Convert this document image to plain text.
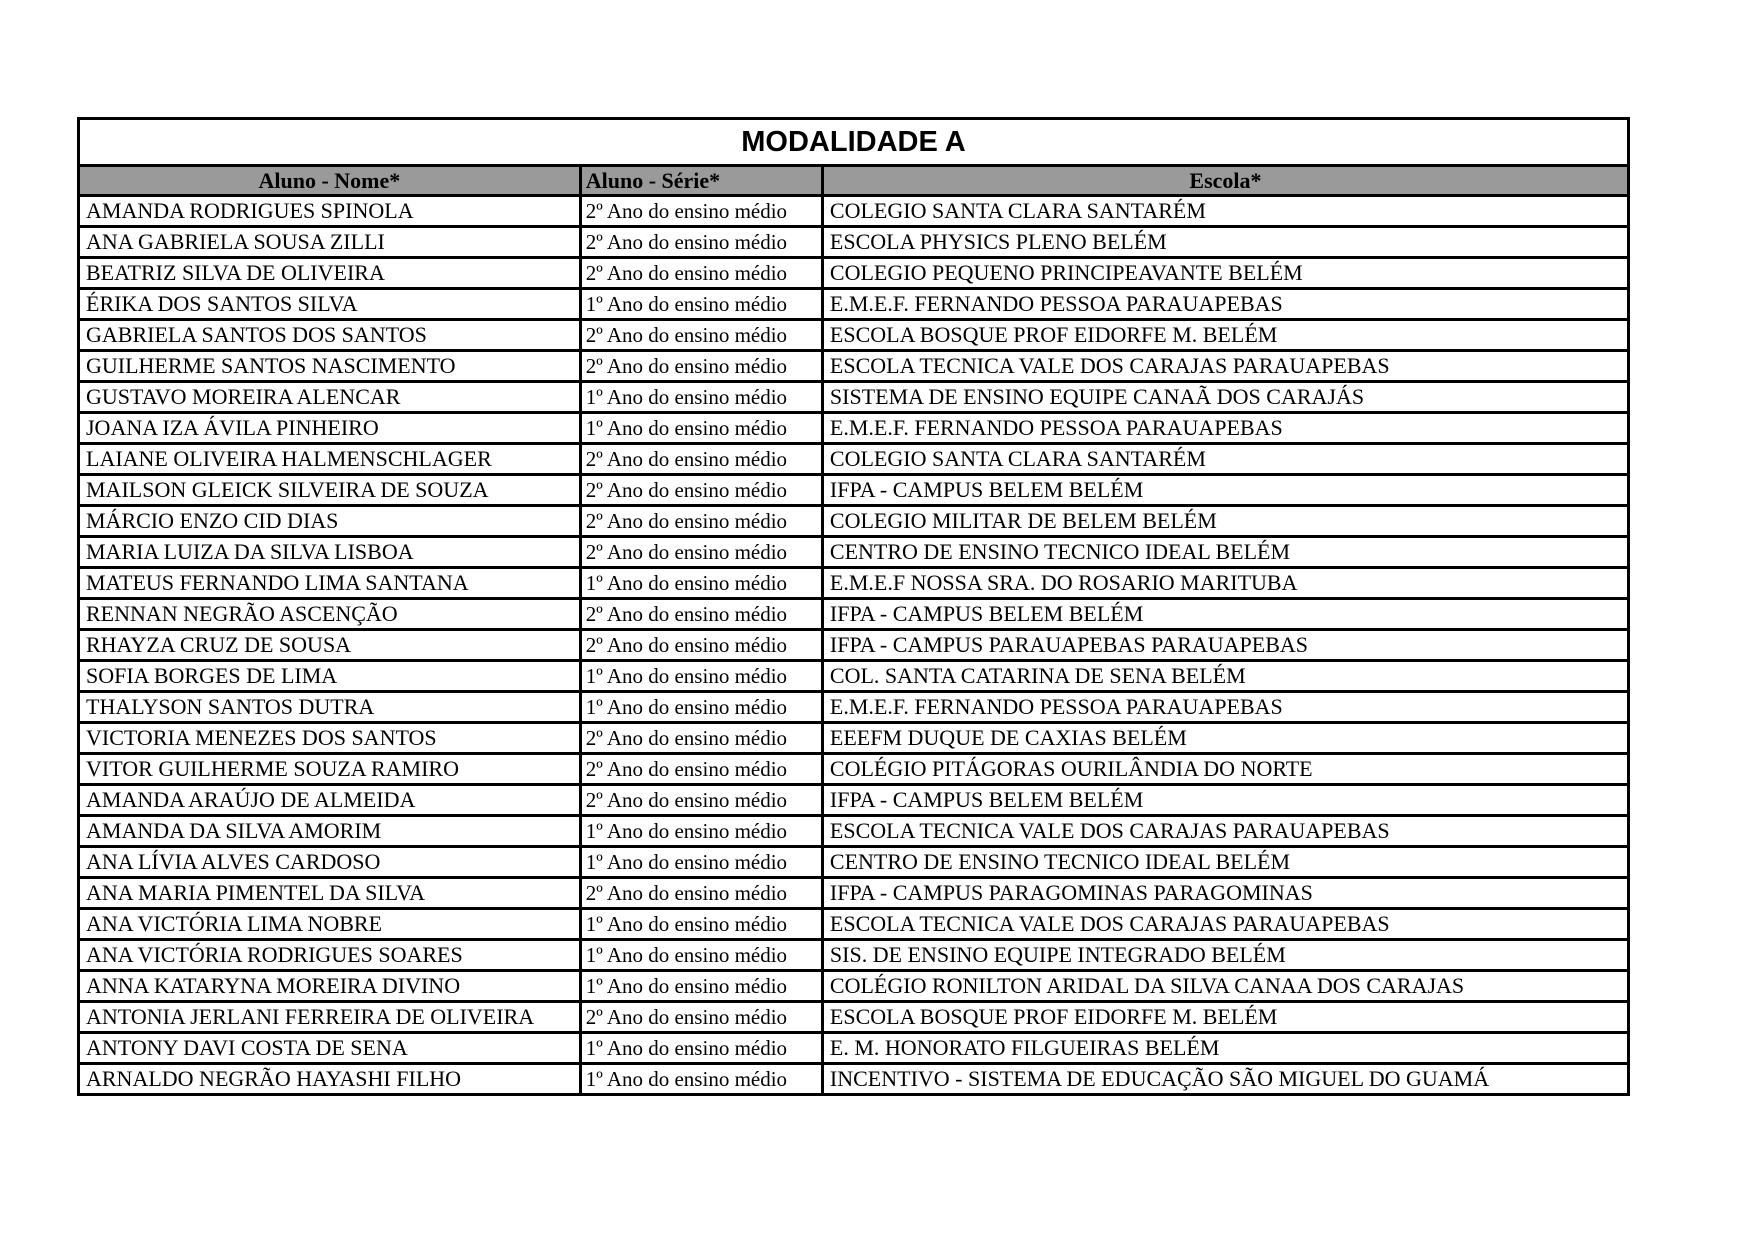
MODALIDADE A		
Aluno - Nome*	Aluno - Série*	Escola*
AMANDA RODRIGUES SPINOLA	2º Ano do ensino médio	COLEGIO SANTA CLARA SANTARÉM
ANA GABRIELA SOUSA ZILLI	2º Ano do ensino médio	ESCOLA PHYSICS PLENO BELÉM
BEATRIZ SILVA DE OLIVEIRA	2º Ano do ensino médio	COLEGIO PEQUENO PRINCIPEAVANTE BELÉM
ÉRIKA DOS SANTOS SILVA	1º Ano do ensino médio	E.M.E.F. FERNANDO PESSOA PARAUAPEBAS
GABRIELA SANTOS DOS SANTOS	2º Ano do ensino médio	ESCOLA BOSQUE PROF EIDORFE M. BELÉM
GUILHERME SANTOS NASCIMENTO	2º Ano do ensino médio	ESCOLA TECNICA VALE DOS CARAJAS PARAUAPEBAS
GUSTAVO MOREIRA ALENCAR	1º Ano do ensino médio	SISTEMA DE ENSINO EQUIPE CANAÃ DOS CARAJÁS
JOANA IZA ÁVILA PINHEIRO	1º Ano do ensino médio	E.M.E.F. FERNANDO PESSOA PARAUAPEBAS
LAIANE OLIVEIRA HALMENSCHLAGER	2º Ano do ensino médio	COLEGIO SANTA CLARA SANTARÉM
MAILSON GLEICK SILVEIRA DE SOUZA	2º Ano do ensino médio	IFPA - CAMPUS BELEM BELÉM
MÁRCIO ENZO CID DIAS	2º Ano do ensino médio	COLEGIO MILITAR DE BELEM BELÉM
MARIA LUIZA DA SILVA LISBOA	2º Ano do ensino médio	CENTRO DE ENSINO TECNICO IDEAL BELÉM
MATEUS FERNANDO LIMA SANTANA	1º Ano do ensino médio	E.M.E.F NOSSA SRA. DO ROSARIO MARITUBA
RENNAN NEGRÃO ASCENÇÃO	2º Ano do ensino médio	IFPA - CAMPUS BELEM BELÉM
RHAYZA CRUZ DE SOUSA	2º Ano do ensino médio	IFPA - CAMPUS PARAUAPEBAS PARAUAPEBAS
SOFIA BORGES DE LIMA	1º Ano do ensino médio	COL. SANTA CATARINA DE SENA BELÉM
THALYSON SANTOS DUTRA	1º Ano do ensino médio	E.M.E.F. FERNANDO PESSOA PARAUAPEBAS
VICTORIA MENEZES DOS SANTOS	2º Ano do ensino médio	EEEFM DUQUE DE CAXIAS BELÉM
VITOR GUILHERME SOUZA RAMIRO	2º Ano do ensino médio	COLÉGIO PITÁGORAS OURILÂNDIA DO NORTE
AMANDA ARAÚJO DE ALMEIDA	2º Ano do ensino médio	IFPA - CAMPUS BELEM BELÉM
AMANDA DA SILVA AMORIM	1º Ano do ensino médio	ESCOLA TECNICA VALE DOS CARAJAS PARAUAPEBAS
ANA LÍVIA ALVES CARDOSO	1º Ano do ensino médio	CENTRO DE ENSINO TECNICO IDEAL BELÉM
ANA MARIA PIMENTEL DA SILVA	2º Ano do ensino médio	IFPA - CAMPUS PARAGOMINAS PARAGOMINAS
ANA VICTÓRIA LIMA NOBRE	1º Ano do ensino médio	ESCOLA TECNICA VALE DOS CARAJAS PARAUAPEBAS
ANA VICTÓRIA RODRIGUES SOARES	1º Ano do ensino médio	SIS. DE ENSINO EQUIPE INTEGRADO BELÉM
ANNA KATARYNA MOREIRA DIVINO	1º Ano do ensino médio	COLÉGIO RONILTON ARIDAL DA SILVA CANAA DOS CARAJAS
ANTONIA JERLANI FERREIRA DE OLIVEIRA	2º Ano do ensino médio	ESCOLA BOSQUE PROF EIDORFE M. BELÉM
ANTONY DAVI COSTA DE SENA	1º Ano do ensino médio	E. M. HONORATO FILGUEIRAS BELÉM
ARNALDO NEGRÃO HAYASHI FILHO	1º Ano do ensino médio	INCENTIVO - SISTEMA DE EDUCAÇÃO SÃO MIGUEL DO GUAMÁ
